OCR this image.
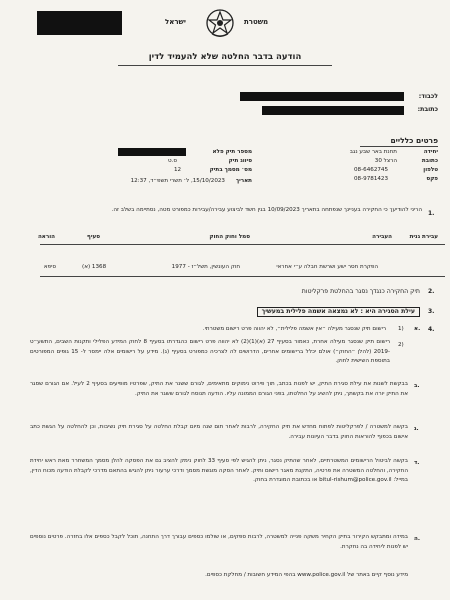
ישראל	משטרת
הודעה בדבר החלטה שלא להעמיד לדין
לכבוד:
כתובת:
פרטים כלליים
יחידה
תחנת באר שבע נגב
כתובת
הרצל 30
טלפון
08-6462745
פקס
08-9781423
מספר תיק פלא
סיווג תיק
ס.ט
מס׳ מסמך בתיק
12
תאריך
15/10/2023, ל׳ תשרי תשפ״ד, 12:37
1.
הריני להודיעך כי החקירה בעניינך שנפתחה בתאריך 10/09/2023 בגין חשד לביצוע עבירה/עבירות כמפורט מטה, נסתיימה בשלב זה.
עבירת גנית
העבירה
סמל וחוק החוק
סעיף
הוראה
הפקרת חסר ישע ושרשת חבלה ע״י אחראי
חוק העונשין, תשל״ז - 1977
(א) 1368
סיפא
2.
תיק החקירה כנגדך נסגר בהחלטת פרקליטות
3.
עילת הסגירה היא : לא נמצאה אשמה פלילית במעשיך
4.
א.
1)
רישום תיק שנסגר מעילה ״אין אשמה פלילית״, לא יהווה פרט רישום משטרתי.
2)
רישום תיק שנסגר מעילה אחרת, כאמור בסעיף 27 (א)(1)(2) לא יהווה פרט רישום כהגדרתו בסעיף 8 לחוק המידע הפלילי ותקנות השבים, התשע״ט -2019 (להלן ״החוק״) אולם יכלל ברישומים אחרים, הדרושים לה לצרכיה כמפורט בסעיף (ג). מידע על רישומים אלה יימסר ל- 15 גופים המפורטים בתוספת השישית לחוק.
ב.
בבקשת לשנות את עילת סגירת התיק, יש לפנות בכתב, תוך פירוט נימוקים מתאימים, לגורם ששנר את התיק, שפרטיו מופיעים בסעיף 2 לעיל. אם הגורם שסגר את התיק יורה את בקשתך, ניתן להשיג על החלטתו, בפני הגורם הממונה עליו. הודעה תנוסח לגורם ששגר את התיק.
ג.
בקשה למשטרה / לפרקליטות לפתוח מחדש את תיק החקירה, לרבות לאחר תום שנה מיום קבלת החלטה על סגירת תיק נשיבות, וכן להחלטה על הגשת כתב אישום בכפוף להוראות החוק בדבר העיונות עבירה.
ד.
בקשה לביטול הרישומים המשטרתיים, לאחר שהתיק נסגר, ניתן להגיש לפי סעיף 33 לחוק נימק להציב גם את הפסקה להלן מסמך המשחרר מאת ראש יחידת החקירה, והחלטה המשטרה את פרטיה, התקנת מאגר רישום ותיק. לאחר הסקה מוגשת מסמך ודרכי ערעור ניתן להגיש בהתאם מדרכי לקבלת הודעה מכוח הדין, במייל: bitul-rishum@police.gov.il או בכתובת המוגדרת בחוק.
ה.
במידה ומתבקש הקירור בתיק הקחיר משקה פנייה למשטרה, לרבות ספקים, או שולמו כספים עבורך דרך התחנה, תוכל לקבל כספים אלו בחזרה. פרטים נוספים יש לפנות ליחידה בה נחקרת.
מידע נוסף קיים באתר של www.police.gov.il בהפי המידע חשובות / מחלקת כספים.
